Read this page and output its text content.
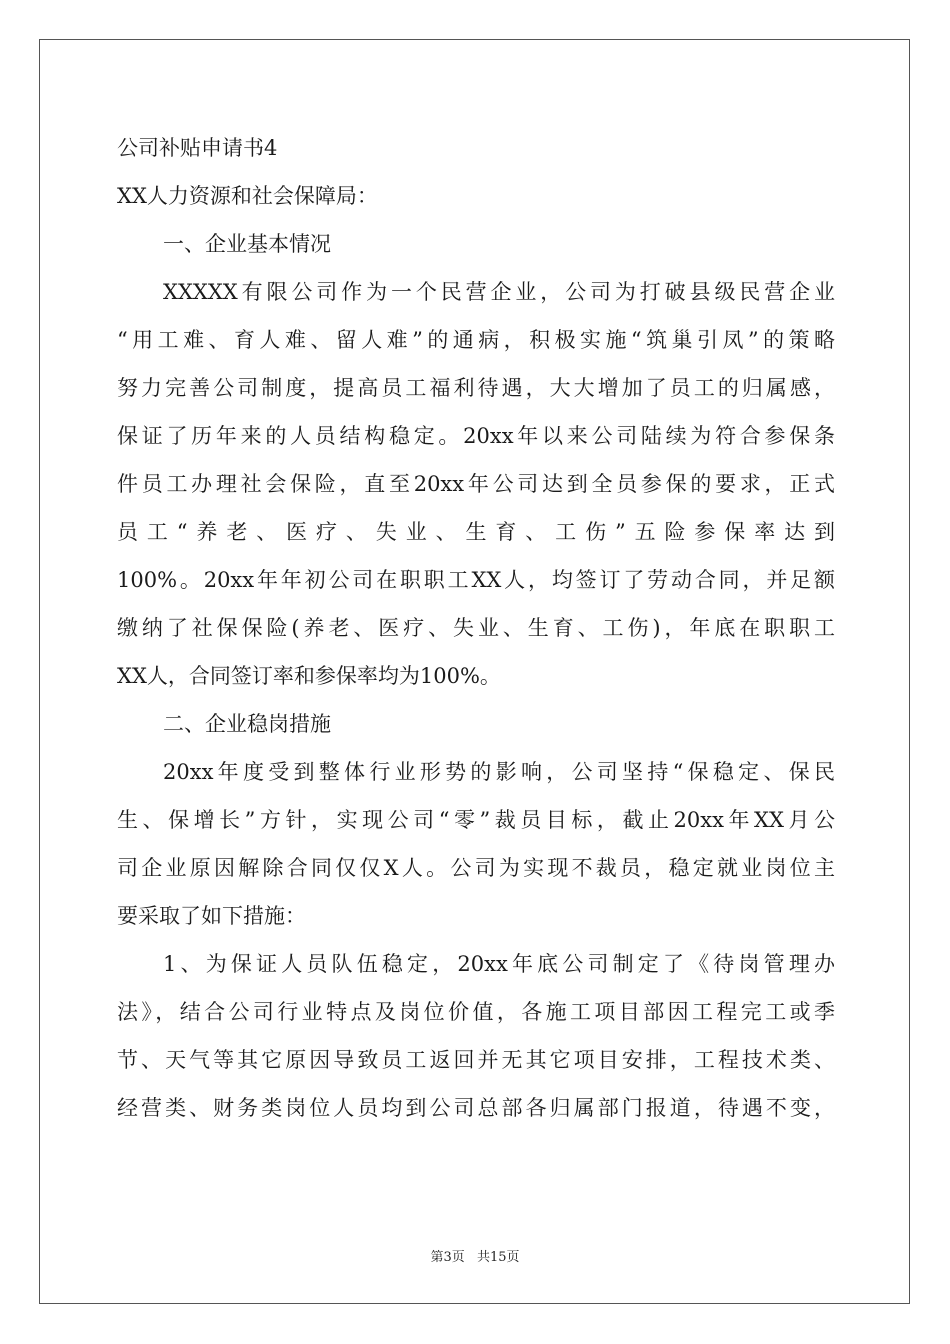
公司补贴申请书4
XX人力资源和社会保障局：
一、企业基本情况
XXXXX有限公司作为一个民营企业，公司为打破县级民营企业
“用工难、育人难、留人难”的通病，积极实施“筑巢引凤”的策略
努力完善公司制度，提高员工福利待遇，大大增加了员工的归属感，
保证了历年来的人员结构稳定。20xx年以来公司陆续为符合参保条
件员工办理社会保险，直至20xx年公司达到全员参保的要求，正式
员工“养老、医疗、失业、生育、工伤”五险参保率达到
100%。20xx年年初公司在职职工XX人，均签订了劳动合同，并足额
缴纳了社保保险(养老、医疗、失业、生育、工伤)，年底在职职工
XX人，合同签订率和参保率均为100%。
二、企业稳岗措施
20xx年度受到整体行业形势的影响，公司坚持“保稳定、保民
生、保增长”方针，实现公司“零”裁员目标，截止20xx年XX月公
司企业原因解除合同仅仅X人。公司为实现不裁员，稳定就业岗位主
要采取了如下措施：
1、为保证人员队伍稳定，20xx年底公司制定了《待岗管理办
法》，结合公司行业特点及岗位价值，各施工项目部因工程完工或季
节、天气等其它原因导致员工返回并无其它项目安排，工程技术类、
经营类、财务类岗位人员均到公司总部各归属部门报道，待遇不变，
第3页 共15页
